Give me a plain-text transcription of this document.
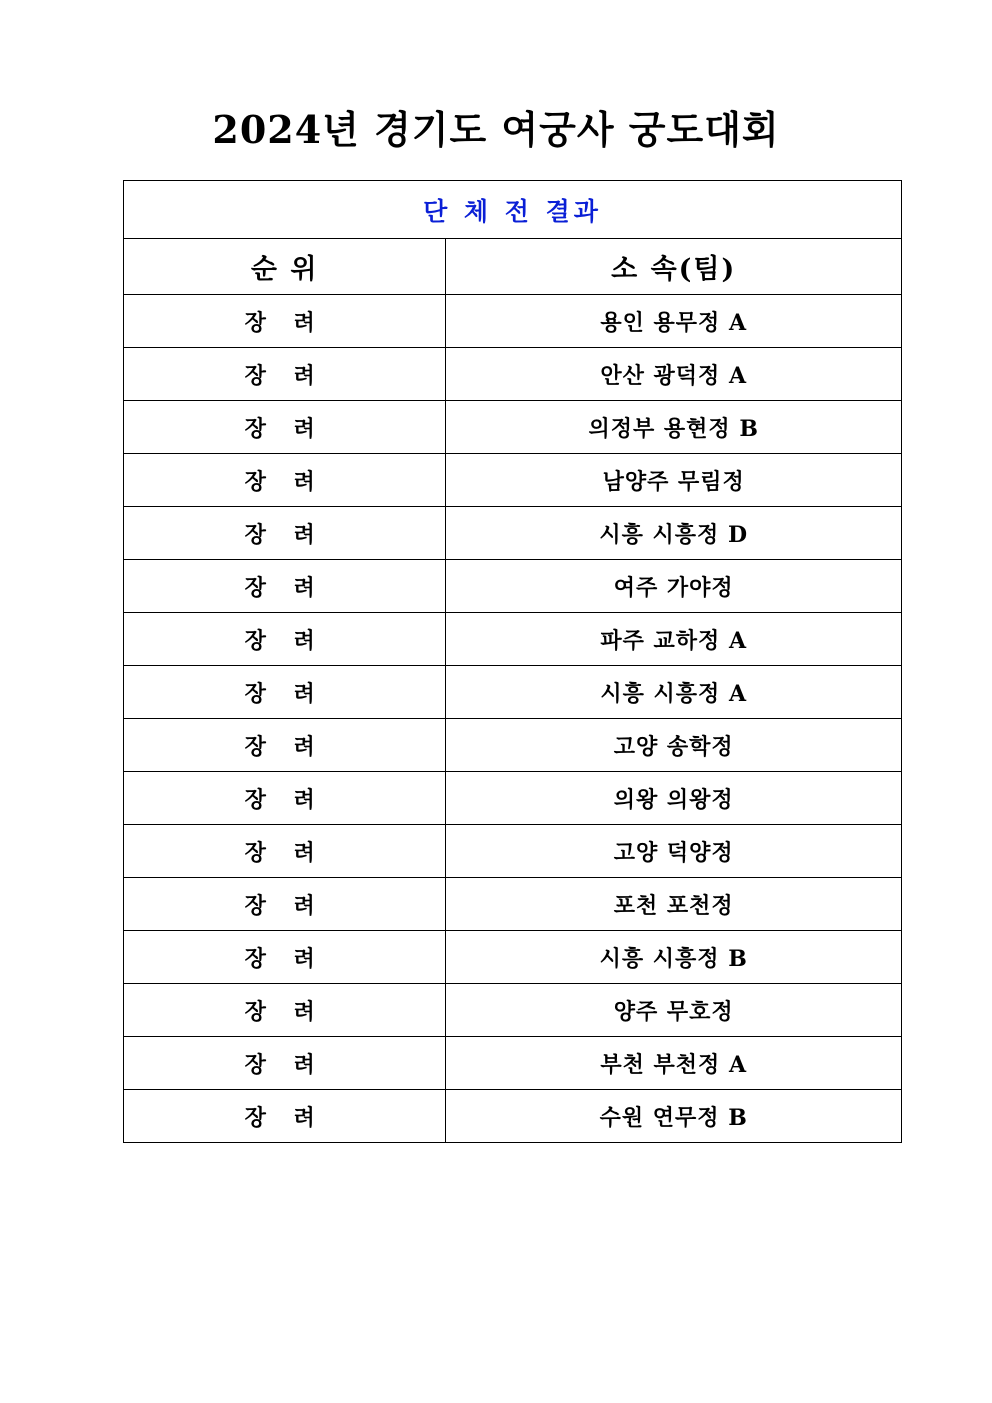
2024년 경기도 여궁사 궁도대회
단 체 전 결과	
순 위	소 속(팀)
장 려	용인 용무정 A
장 려	안산 광덕정 A
장 려	의정부 용현정 B
장 려	남양주 무림정
장 려	시흥 시흥정 D
장 려	여주 가야정
장 려	파주 교하정 A
장 려	시흥 시흥정 A
장 려	고양 송학정
장 려	의왕 의왕정
장 려	고양 덕양정
장 려	포천 포천정
장 려	시흥 시흥정 B
장 려	양주 무호정
장 려	부천 부천정 A
장 려	수원 연무정 B
